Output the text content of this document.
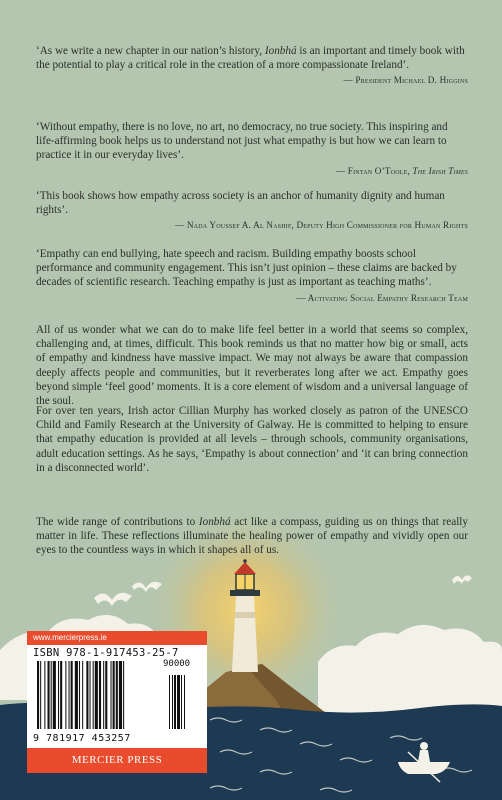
‘As we write a new chapter in our nation’s history, Ionbhá is an important and timely book with the potential to play a critical role in the creation of a more compassionate Ireland’.
— President Michael D. Higgins
‘Without empathy, there is no love, no art, no democracy, no true society. This inspiring and life-affirming book helps us to understand not just what empathy is but how we can learn to practice it in our everyday lives’.
— Fintan O’Toole, The Irish Times
‘This book shows how empathy across society is an anchor of humanity dignity and human rights’.
— Nada Youssef A. Al Nashif, Deputy High Commissioner for Human Rights
‘Empathy can end bullying, hate speech and racism. Building empathy boosts school performance and community engagement. This isn’t just opinion – these claims are backed by decades of scientific research. Teaching empathy is just as important as teaching maths’.
— Activating Social Empathy Research Team
All of us wonder what we can do to make life feel better in a world that seems so complex, challenging and, at times, difficult. This book reminds us that no matter how big or small, acts of empathy and kindness have massive impact. We may not always be aware that compassion deeply affects people and communities, but it reverberates long after we act. Empathy goes beyond simple ‘feel good’ moments. It is a core element of wisdom and a universal language of the soul.
For over ten years, Irish actor Cillian Murphy has worked closely as patron of the UNESCO Child and Family Research at the University of Galway. He is committed to helping to ensure that empathy education is provided at all levels – through schools, community organisations, adult education settings. As he says, ‘Empathy is about connection’ and ‘it can bring connection in a disconnected world’.
The wide range of contributions to Ionbhá act like a compass, guiding us on things that really matter in life. These reflections illuminate the healing power of empathy and vividly open our eyes to the countless ways in which it shapes all of us.
www.mercierpress.ie
ISBN 978-1-917453-25-7
9 781917 453257
90000
MERCIER PRESS
